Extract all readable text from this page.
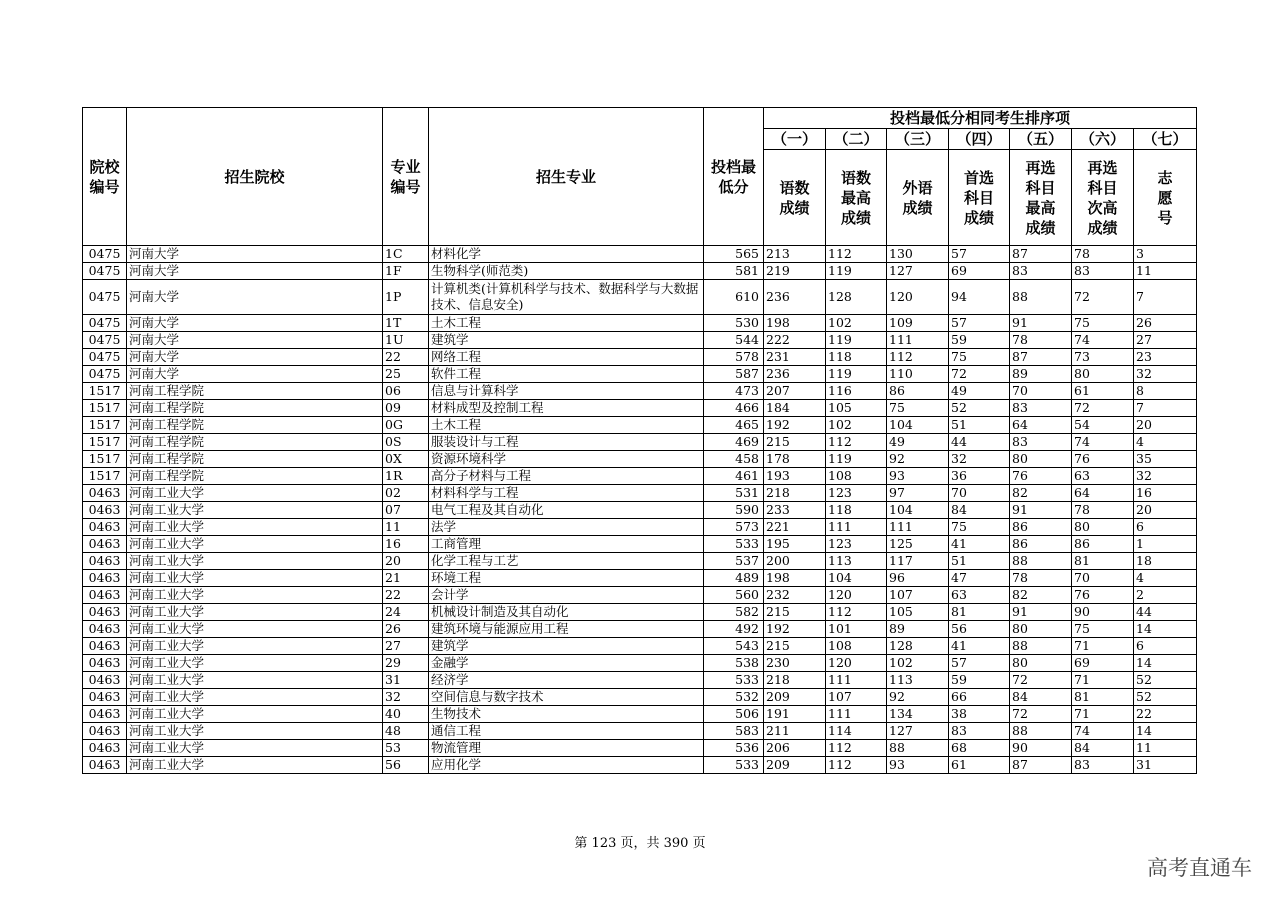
院校编号	招生院校	专业编号	招生专业	投档最低分	投档最低分相同考生排序项						
					（一）	（二）	（三）	（四）	（五）	（六）	（七）
					语数成绩	语数最高成绩	外语成绩	首选科目成绩	再选科目最高成绩	再选科目次高成绩	志愿号
0475	河南大学	1C	材料化学	565	213	112	130	57	87	78	3
0475	河南大学	1F	生物科学(师范类)	581	219	119	127	69	83	83	11
0475	河南大学	1P	计算机类(计算机科学与技术、数据科学与大数据技术、信息安全)	610	236	128	120	94	88	72	7
0475	河南大学	1T	土木工程	530	198	102	109	57	91	75	26
0475	河南大学	1U	建筑学	544	222	119	111	59	78	74	27
0475	河南大学	22	网络工程	578	231	118	112	75	87	73	23
0475	河南大学	25	软件工程	587	236	119	110	72	89	80	32
1517	河南工程学院	06	信息与计算科学	473	207	116	86	49	70	61	8
1517	河南工程学院	09	材料成型及控制工程	466	184	105	75	52	83	72	7
1517	河南工程学院	0G	土木工程	465	192	102	104	51	64	54	20
1517	河南工程学院	0S	服装设计与工程	469	215	112	49	44	83	74	4
1517	河南工程学院	0X	资源环境科学	458	178	119	92	32	80	76	35
1517	河南工程学院	1R	高分子材料与工程	461	193	108	93	36	76	63	32
0463	河南工业大学	02	材料科学与工程	531	218	123	97	70	82	64	16
0463	河南工业大学	07	电气工程及其自动化	590	233	118	104	84	91	78	20
0463	河南工业大学	11	法学	573	221	111	111	75	86	80	6
0463	河南工业大学	16	工商管理	533	195	123	125	41	86	86	1
0463	河南工业大学	20	化学工程与工艺	537	200	113	117	51	88	81	18
0463	河南工业大学	21	环境工程	489	198	104	96	47	78	70	4
0463	河南工业大学	22	会计学	560	232	120	107	63	82	76	2
0463	河南工业大学	24	机械设计制造及其自动化	582	215	112	105	81	91	90	44
0463	河南工业大学	26	建筑环境与能源应用工程	492	192	101	89	56	80	75	14
0463	河南工业大学	27	建筑学	543	215	108	128	41	88	71	6
0463	河南工业大学	29	金融学	538	230	120	102	57	80	69	14
0463	河南工业大学	31	经济学	533	218	111	113	59	72	71	52
0463	河南工业大学	32	空间信息与数字技术	532	209	107	92	66	84	81	52
0463	河南工业大学	40	生物技术	506	191	111	134	38	72	71	22
0463	河南工业大学	48	通信工程	583	211	114	127	83	88	74	14
0463	河南工业大学	53	物流管理	536	206	112	88	68	90	84	11
0463	河南工业大学	56	应用化学	533	209	112	93	61	87	83	31
第 123 页，共 390 页
高考直通车
